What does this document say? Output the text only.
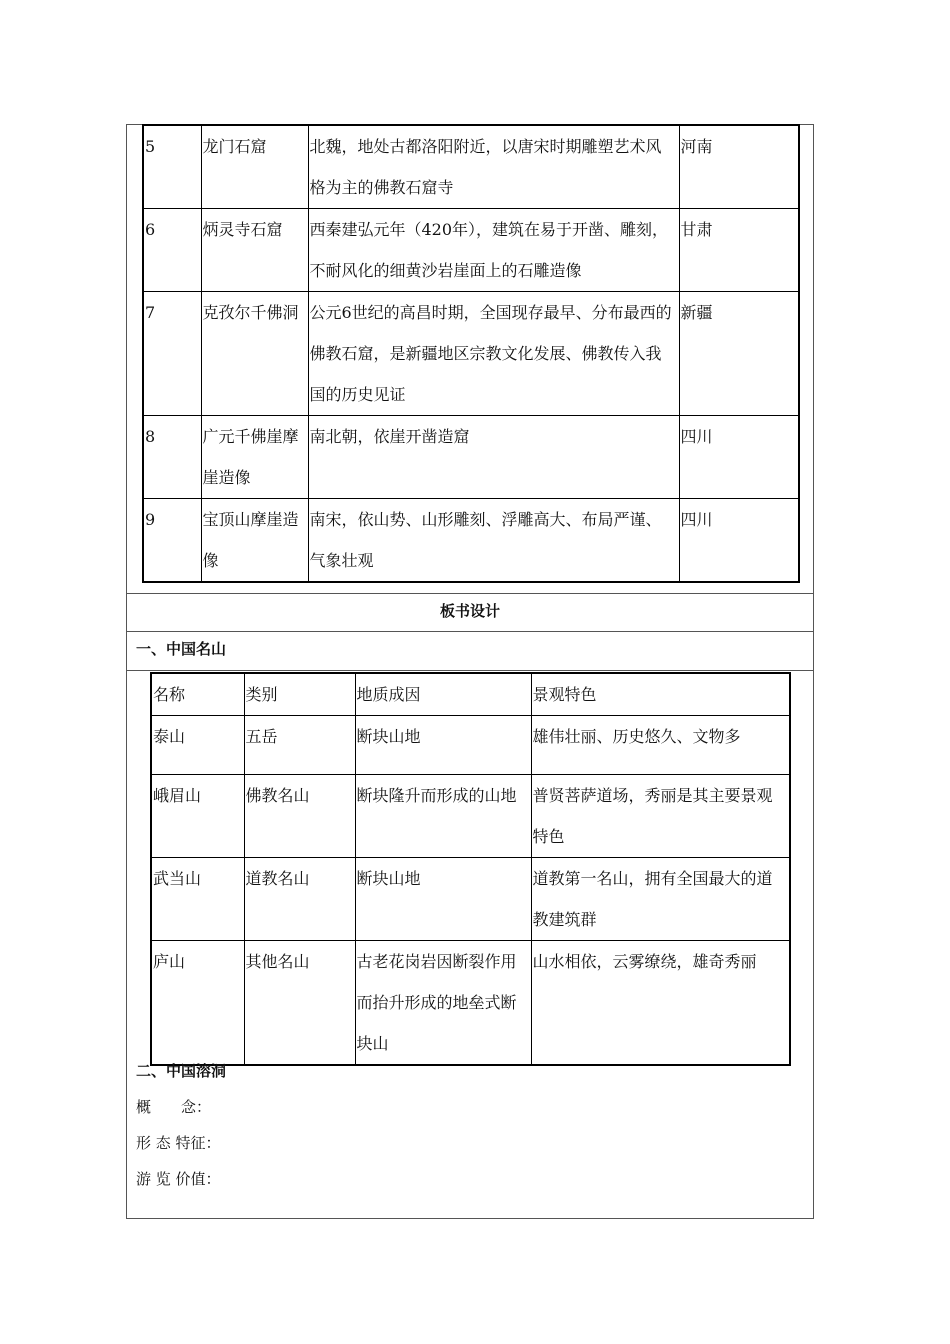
5	龙门石窟	北魏，地处古都洛阳附近，以唐宋时期雕塑艺术风格为主的佛教石窟寺	河南
6	炳灵寺石窟	西秦建弘元年（420年），建筑在易于开凿、雕刻，不耐风化的细黄沙岩崖面上的石雕造像	甘肃
7	克孜尔千佛洞	公元6世纪的高昌时期，全国现存最早、分布最西的佛教石窟，是新疆地区宗教文化发展、佛教传入我国的历史见证	新疆
8	广元千佛崖摩崖造像	南北朝，依崖开凿造窟	四川
9	宝顶山摩崖造像	南宋，依山势、山形雕刻、浮雕高大、布局严谨、气象壮观	四川
板书设计
一、中国名山
名称	类别	地质成因	景观特色
泰山	五岳	断块山地	雄伟壮丽、历史悠久、文物多
峨眉山	佛教名山	断块隆升而形成的山地	普贤菩萨道场，秀丽是其主要景观特色
武当山	道教名山	断块山地	道教第一名山，拥有全国最大的道教建筑群
庐山	其他名山	古老花岗岩因断裂作用而抬升形成的地垒式断块山	山水相依，云雾缭绕，雄奇秀丽
二、中国溶洞
概　　念：
形 态 特征：
游 览 价值：
